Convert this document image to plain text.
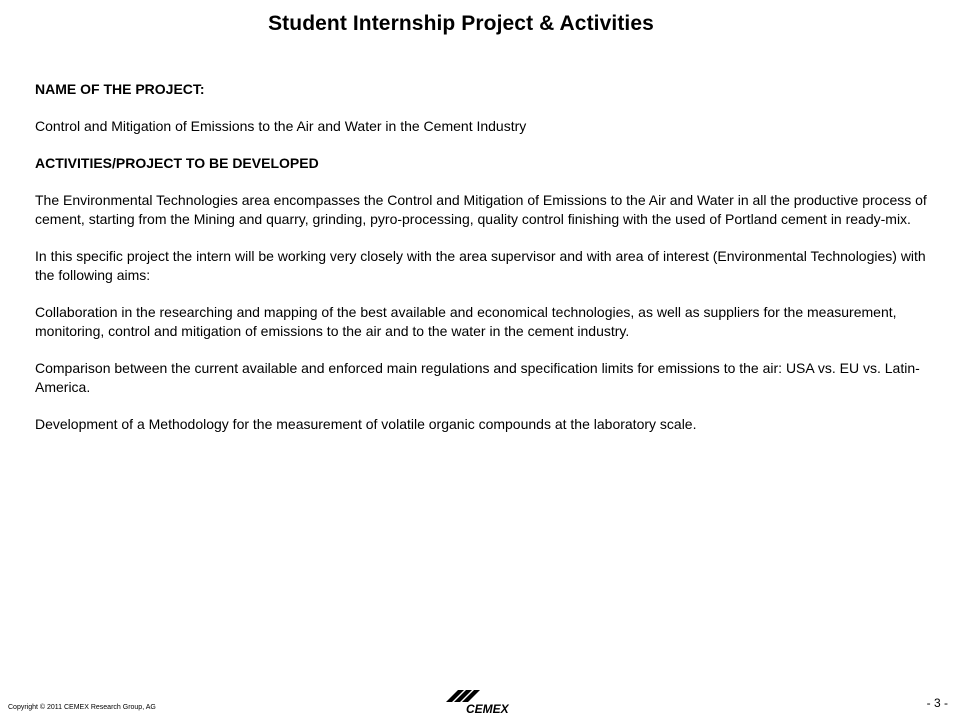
Student Internship Project & Activities

NAME OF THE PROJECT:

Control and Mitigation of Emissions to the Air and Water in the Cement Industry

ACTIVITIES/PROJECT TO BE DEVELOPED

The Environmental Technologies area encompasses the Control and Mitigation of Emissions to the Air and Water in all the productive process of cement, starting from the Mining and quarry, grinding, pyro-processing, quality control finishing with the used of Portland cement in ready-mix.

In this specific project the intern will be working very closely with the area supervisor and with area of interest (Environmental Technologies) with the following aims:

Collaboration in the researching and mapping of the best available and economical technologies, as well as suppliers for the measurement, monitoring, control and mitigation of emissions to the air and to the water in the cement industry.

Comparison between the current available and enforced main regulations and specification limits for emissions to the air: USA vs. EU vs. Latin-America.

Development of a Methodology for the measurement of volatile organic compounds at the laboratory scale.

Copyright © 2011 CEMEX Research Group, AG	CEMEX	- 3 -
